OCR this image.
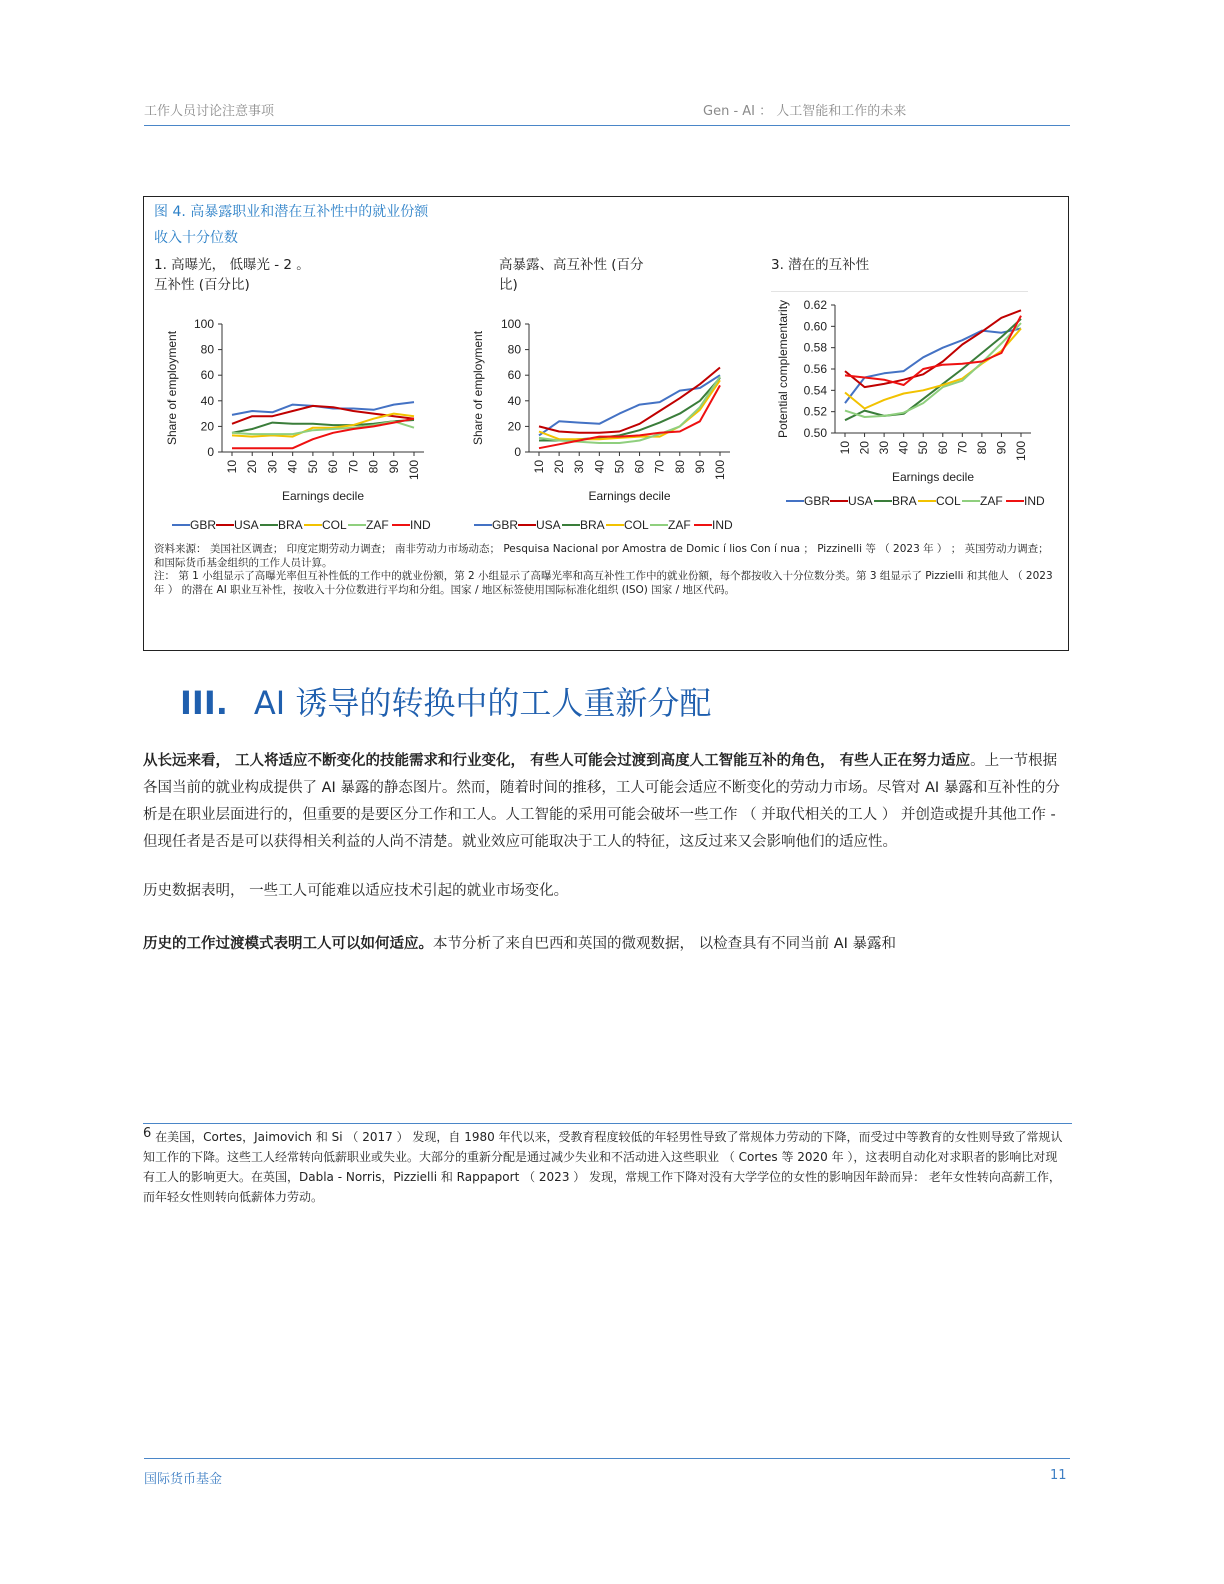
工作人员讨论注意事项	Gen - AI ： 人工智能和工作的未来
图 4. 高暴露职业和潜在互补性中的就业份额
收入十分位数
1. 高曝光， 低曝光 - 2 。
互补性 (百分比)
高暴露、高互补性 (百分
比)
3. 潜在的互补性
0
20
40
60
80
100
10 20 30 40 50 60 70 80 90 100
Earnings decile
Share of employment
GBR USA BRA COL ZAF IND
0
20
40
60
80
100
10 20 30 40 50 60 70 80 90 100
Earnings decile
Share of employment
GBR USA BRA COL ZAF IND
0.50
0.52
0.54
0.56
0.58
0.60
0.62
10 20 30 40 50 60 70 80 90 100
Earnings decile
Potential complementarity
GBR USA BRA COL ZAF IND
资料来源： 美国社区调查； 印度定期劳动力调查； 南非劳动力市场动态； Pesquisa Nacional por Amostra de Domic í lios Con í nua ； Pizzinelli 等 （ 2023 年 ） ； 英国劳动力调查； 和国际货币基金组织的工作人员计算。
注： 第 1 小组显示了高曝光率但互补性低的工作中的就业份额，第 2 小组显示了高曝光率和高互补性工作中的就业份额，每个都按收入十分位数分类。第 3 组显示了 Pizzielli 和其他人 （ 2023 年 ） 的潜在 AI 职业互补性，按收入十分位数进行平均和分组。国家 / 地区标签使用国际标准化组织 (ISO) 国家 / 地区代码。
III. AI 诱导的转换中的工人重新分配
从长远来看， 工人将适应不断变化的技能需求和行业变化， 有些人可能会过渡到高度人工智能互补的角色， 有些人正在努力适应。上一节根据各国当前的就业构成提供了 AI 暴露的静态图片。然而，随着时间的推移，工人可能会适应不断变化的劳动力市场。尽管对 AI 暴露和互补性的分析是在职业层面进行的，但重要的是要区分工作和工人。人工智能的采用可能会破坏一些工作 （ 并取代相关的工人 ） 并创造或提升其他工作 - 但现任者是否是可以获得相关利益的人尚不清楚。就业效应可能取决于工人的特征，这反过来又会影响他们的适应性。
历史数据表明， 一些工人可能难以适应技术引起的就业市场变化。
历史的工作过渡模式表明工人可以如何适应。本节分析了来自巴西和英国的微观数据， 以检查具有不同当前 AI 暴露和
$^6$ 在美国，Cortes，Jaimovich 和 Si （ 2017 ） 发现，自 1980 年代以来，受教育程度较低的年轻男性导致了常规体力劳动的下降，而受过中等教育的女性则导致了常规认知工作的下降。这些工人经常转向低薪职业或失业。大部分的重新分配是通过减少失业和不活动进入这些职业 （ Cortes 等 2020 年 ），这表明自动化对求职者的影响比对现有工人的影响更大。在英国，Dabla - Norris，Pizzielli 和 Rappaport （ 2023 ） 发现，常规工作下降对没有大学学位的女性的影响因年龄而异： 老年女性转向高薪工作，而年轻女性则转向低薪体力劳动。
国际货币基金	11
